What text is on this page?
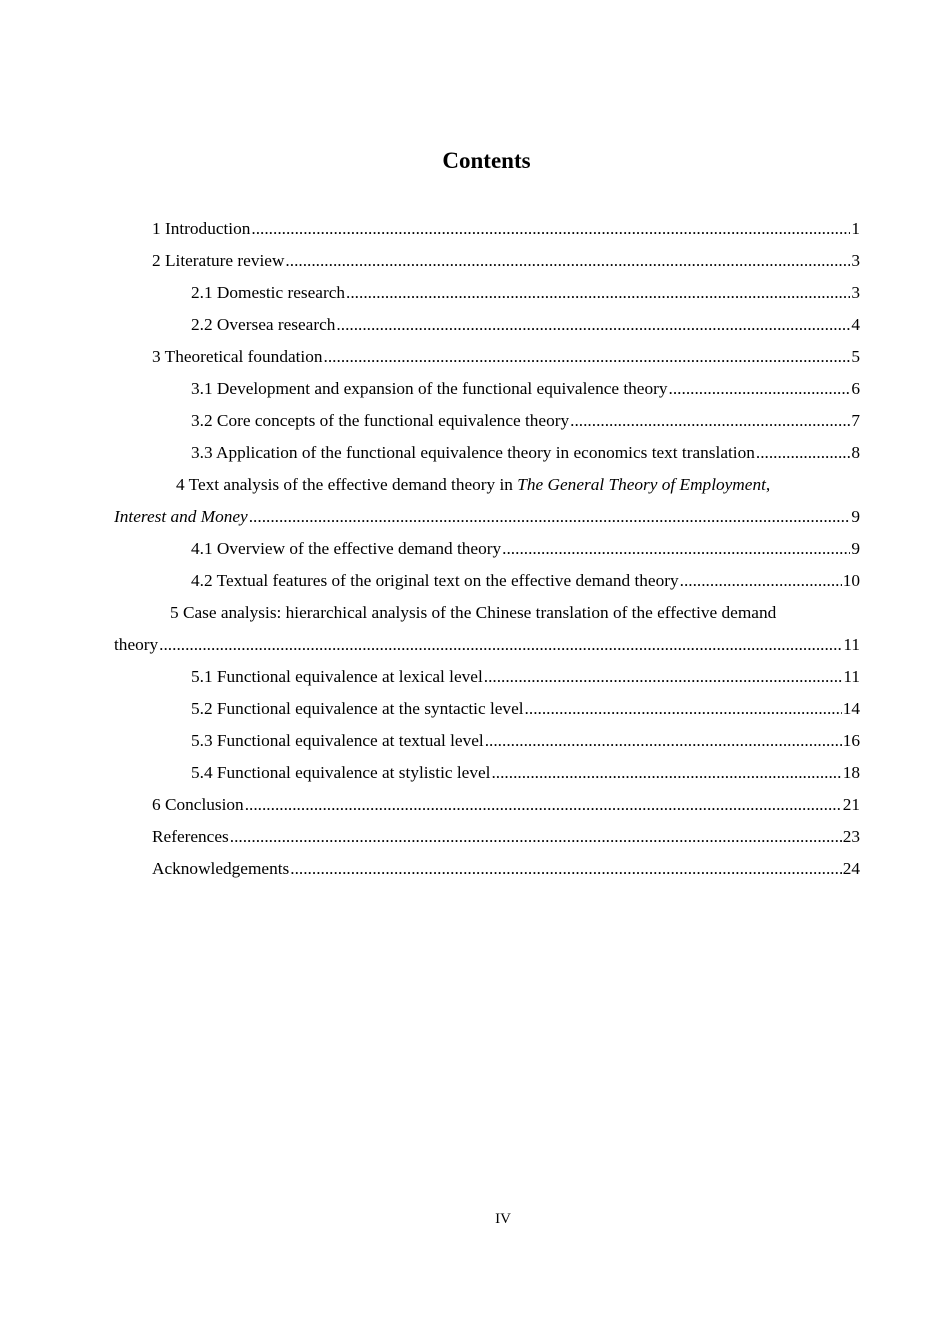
Contents
1 Introduction .....	1
2 Literature review .....	3
2.1 Domestic research .....	3
2.2 Oversea research .....	4
3 Theoretical foundation .....	5
3.1 Development and expansion of the functional equivalence theory .....	6
3.2 Core concepts of the functional equivalence theory .....	7
3.3 Application of the functional equivalence theory in economics text translation .....	8
4 Text analysis of the effective demand theory in The General Theory of Employment,
Interest and Money .....	9
4.1 Overview of the effective demand theory .....	9
4.2 Textual features of the original text on the effective demand theory .....	10
5 Case analysis: hierarchical analysis of the Chinese translation of the effective demand
theory .....	11
5.1 Functional equivalence at lexical level .....	11
5.2 Functional equivalence at the syntactic level .....	14
5.3 Functional equivalence at textual level .....	16
5.4 Functional equivalence at stylistic level .....	18
6 Conclusion .....	21
References .....	23
Acknowledgements .....	24
IV
